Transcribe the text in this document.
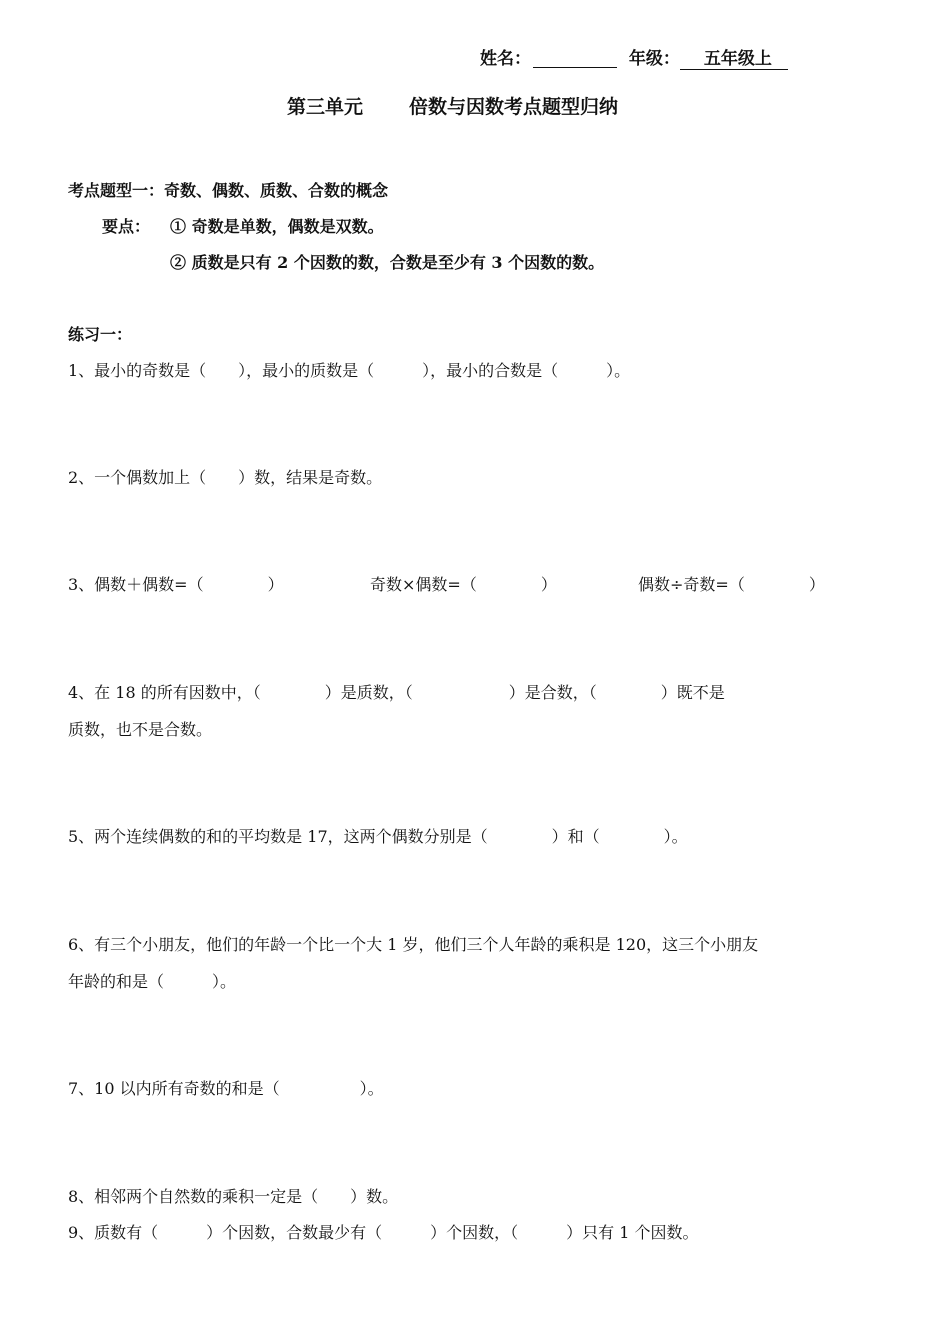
姓名：	年级： 五年级上
第三单元 倍数与因数考点题型归纳
考点题型一：奇数、偶数、质数、合数的概念
要点： ① 奇数是单数，偶数是双数。
② 质数是只有 2 个因数的数，合数是至少有 3 个因数的数。
练习一：
1、最小的奇数是（　　），最小的质数是（　　　），最小的合数是（　　　）。
2、一个偶数加上（　　）数，结果是奇数。
3、偶数＋偶数=（　　　　）	奇数×偶数=（　　　　）	偶数÷奇数=（　　　　）
4、在 18 的所有因数中，（　　　　）是质数，（　　　　　　）是合数，（　　　　）既不是
质数，也不是合数。
5、两个连续偶数的和的平均数是 17，这两个偶数分别是（　　　　）和（　　　　）。
6、有三个小朋友，他们的年龄一个比一个大 1 岁，他们三个人年龄的乘积是 120，这三个小朋友
年龄的和是（　　　）。
7、10 以内所有奇数的和是（　　　　　）。
8、相邻两个自然数的乘积一定是（　　）数。
9、质数有（　　　）个因数，合数最少有（　　　）个因数，（　　　）只有 1 个因数。
